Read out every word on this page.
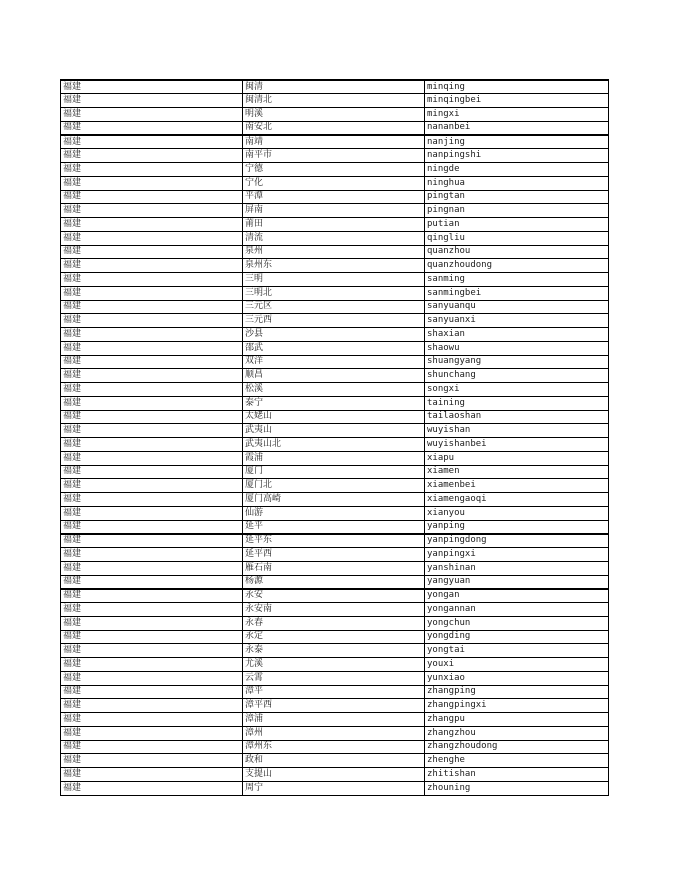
福建	闽清	minqing
福建	闽清北	minqingbei
福建	明溪	mingxi
福建	南安北	nananbei
福建	南靖	nanjing
福建	南平市	nanpingshi
福建	宁德	ningde
福建	宁化	ninghua
福建	平潭	pingtan
福建	屏南	pingnan
福建	莆田	putian
福建	清流	qingliu
福建	泉州	quanzhou
福建	泉州东	quanzhoudong
福建	三明	sanming
福建	三明北	sanmingbei
福建	三元区	sanyuanqu
福建	三元西	sanyuanxi
福建	沙县	shaxian
福建	邵武	shaowu
福建	双洋	shuangyang
福建	顺昌	shunchang
福建	松溪	songxi
福建	泰宁	taining
福建	太姥山	tailaoshan
福建	武夷山	wuyishan
福建	武夷山北	wuyishanbei
福建	霞浦	xiapu
福建	厦门	xiamen
福建	厦门北	xiamenbei
福建	厦门高崎	xiamengaoqi
福建	仙游	xianyou
福建	延平	yanping
福建	延平东	yanpingdong
福建	延平西	yanpingxi
福建	雁石南	yanshinan
福建	杨源	yangyuan
福建	永安	yongan
福建	永安南	yongannan
福建	永春	yongchun
福建	永定	yongding
福建	永泰	yongtai
福建	尤溪	youxi
福建	云霄	yunxiao
福建	漳平	zhangping
福建	漳平西	zhangpingxi
福建	漳浦	zhangpu
福建	漳州	zhangzhou
福建	漳州东	zhangzhoudong
福建	政和	zhenghe
福建	支提山	zhitishan
福建	周宁	zhouning
